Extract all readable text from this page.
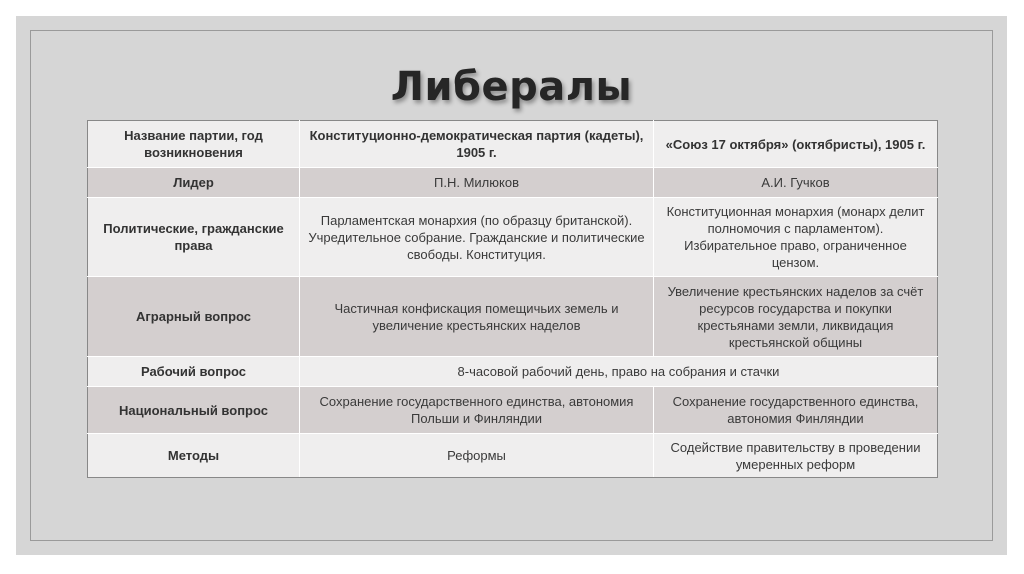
Либералы
Название партии, год возникновения	Конституционно-демократическая партия (кадеты), 1905 г.	«Союз 17 октября» (октябристы), 1905 г.
Лидер	П.Н. Милюков	А.И. Гучков
Политические, гражданские права	Парламентская монархия (по образцу британской). Учредительное собрание. Гражданские и политические свободы. Конституция.	Конституционная монархия (монарх делит полномочия с парламентом). Избирательное право, ограниченное цензом.
Аграрный вопрос	Частичная конфискация помещичьих земель и увеличение крестьянских наделов	Увеличение крестьянских наделов за счёт ресурсов государства и покупки крестьянами земли, ликвидация крестьянской общины
Рабочий вопрос	8-часовой рабочий день, право на собрания и стачки	
Национальный вопрос	Сохранение государственного единства, автономия Польши и Финляндии	Сохранение государственного единства, автономия Финляндии
Методы	Реформы	Содействие правительству в проведении умеренных реформ
